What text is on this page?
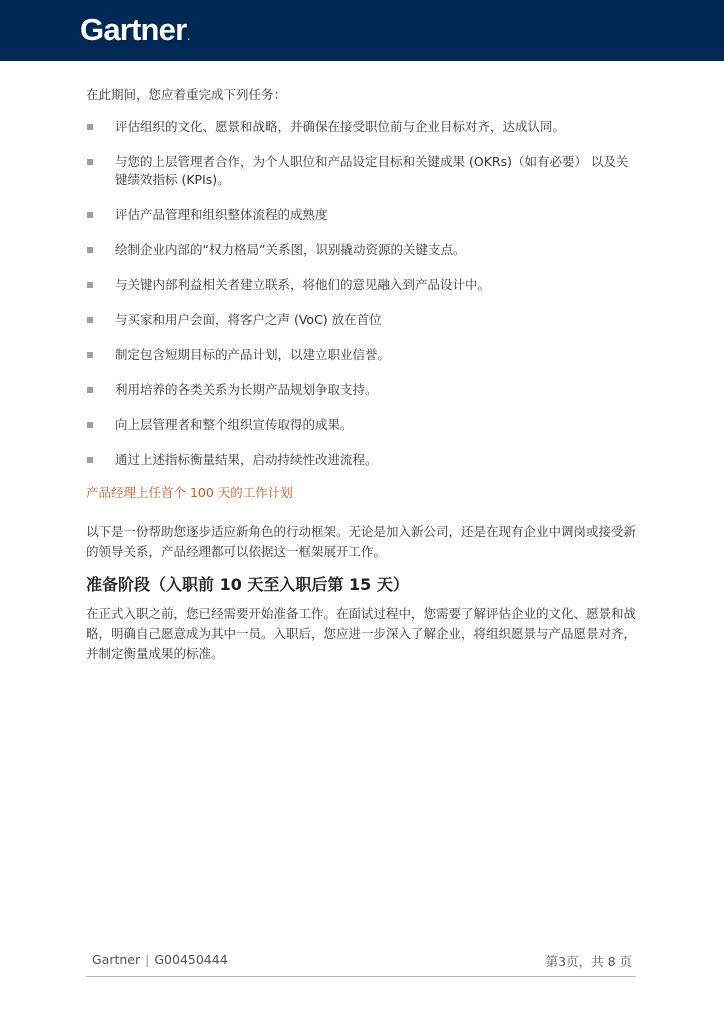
Gartner.

在此期间，您应着重完成下列任务：

评估组织的文化、愿景和战略，并确保在接受职位前与企业目标对齐，达成认同。
与您的上层管理者合作，为个人职位和产品设定目标和关键成果 (OKRs)（如有必要） 以及关键绩效指标 (KPIs)。
评估产品管理和组织整体流程的成熟度
绘制企业内部的“权力格局”关系图，识别撬动资源的关键支点。
与关键内部利益相关者建立联系，将他们的意见融入到产品设计中。
与买家和用户会面，将客户之声 (VoC) 放在首位
制定包含短期目标的产品计划，以建立职业信誉。
利用培养的各类关系为长期产品规划争取支持。
向上层管理者和整个组织宣传取得的成果。
通过上述指标衡量结果，启动持续性改进流程。

产品经理上任首个 100 天的工作计划

以下是一份帮助您逐步适应新角色的行动框架。无论是加入新公司，还是在现有企业中调岗或接受新的领导关系，产品经理都可以依据这一框架展开工作。

准备阶段（入职前 10 天至入职后第 15 天）

在正式入职之前，您已经需要开始准备工作。在面试过程中，您需要了解评估企业的文化、愿景和战略，明确自己愿意成为其中一员。入职后，您应进一步深入了解企业，将组织愿景与产品愿景对齐，并制定衡量成果的标准。

Gartner | G00450444	第3页，共 8 页
